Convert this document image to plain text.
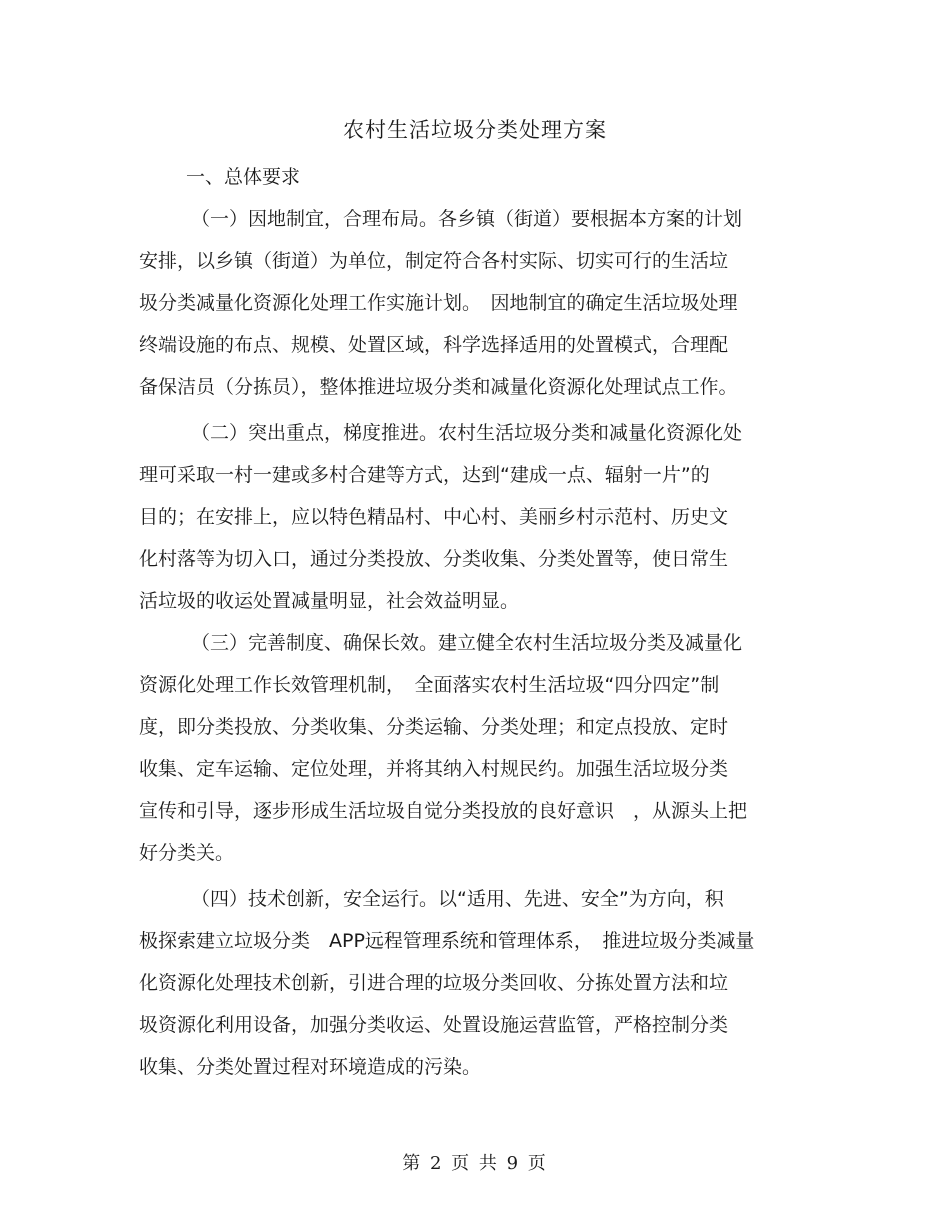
农村生活垃圾分类处理方案
一、总体要求
（一）因地制宜，合理布局。各乡镇（街道）要根据本方案的计划
安排，以乡镇（街道）为单位，制定符合各村实际、切实可行的生活垃
圾分类减量化资源化处理工作实施计划。　因地制宜的确定生活垃圾处理
终端设施的布点、规模、处置区域，科学选择适用的处置模式，合理配
备保洁员（分拣员），整体推进垃圾分类和减量化资源化处理试点工作。
（二）突出重点，梯度推进。农村生活垃圾分类和减量化资源化处
理可采取一村一建或多村合建等方式，达到“建成一点、辐射一片”的
目的；在安排上，应以特色精品村、中心村、美丽乡村示范村、历史文
化村落等为切入口，通过分类投放、分类收集、分类处置等，使日常生
活垃圾的收运处置减量明显，社会效益明显。
（三）完善制度、确保长效。建立健全农村生活垃圾分类及减量化
资源化处理工作长效管理机制，　全面落实农村生活垃圾“四分四定”制
度，即分类投放、分类收集、分类运输、分类处理；和定点投放、定时
收集、定车运输、定位处理，并将其纳入村规民约。加强生活垃圾分类
宣传和引导，逐步形成生活垃圾自觉分类投放的良好意识　，从源头上把
好分类关。
（四）技术创新，安全运行。以“适用、先进、安全”为方向，积
极探索建立垃圾分类　APP远程管理系统和管理体系，　推进垃圾分类减量
化资源化处理技术创新，引进合理的垃圾分类回收、分拣处置方法和垃
圾资源化利用设备，加强分类收运、处置设施运营监管，严格控制分类
收集、分类处置过程对环境造成的污染。
第 2 页 共 9 页
